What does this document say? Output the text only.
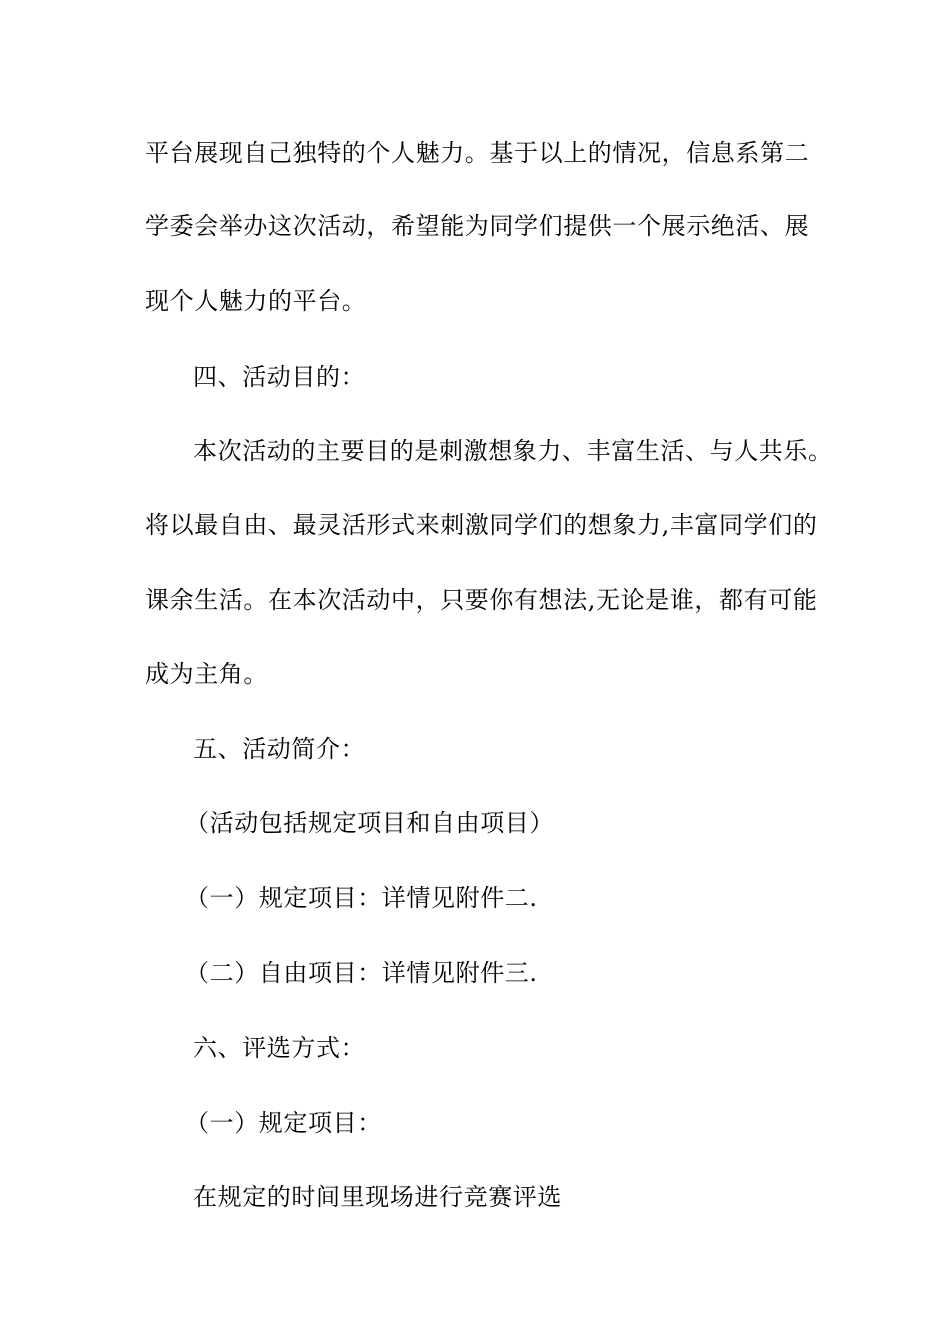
平台展现自己独特的个人魅力。基于以上的情况，信息系第二
学委会举办这次活动，希望能为同学们提供一个展示绝活、展
现个人魅力的平台。
四、活动目的：
本次活动的主要目的是刺激想象力、丰富生活、与人共乐。
将以最自由、最灵活形式来刺激同学们的想象力,丰富同学们的
课余生活。在本次活动中，只要你有想法,无论是谁，都有可能
成为主角。
五、活动简介：
（活动包括规定项目和自由项目）
（一）规定项目：详情见附件二.
（二）自由项目：详情见附件三.
六、评选方式：
（一）规定项目：
在规定的时间里现场进行竞赛评选
